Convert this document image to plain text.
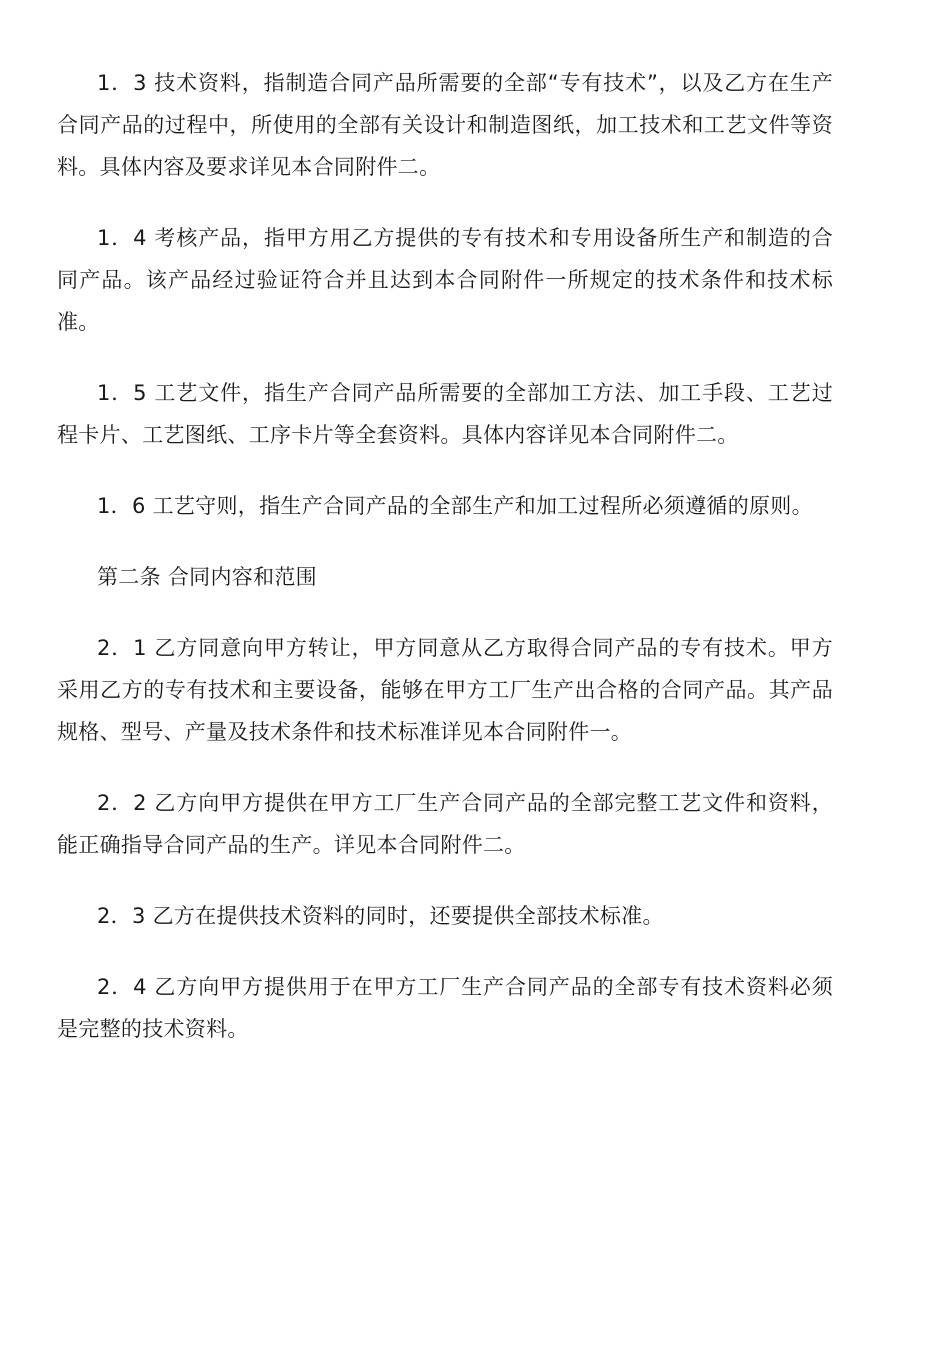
1．3 技术资料，指制造合同产品所需要的全部“专有技术”，以及乙方在生产合同产品的过程中，所使用的全部有关设计和制造图纸，加工技术和工艺文件等资料。具体内容及要求详见本合同附件二。

1．4 考核产品，指甲方用乙方提供的专有技术和专用设备所生产和制造的合同产品。该产品经过验证符合并且达到本合同附件一所规定的技术条件和技术标准。

1．5 工艺文件，指生产合同产品所需要的全部加工方法、加工手段、工艺过程卡片、工艺图纸、工序卡片等全套资料。具体内容详见本合同附件二。

1．6 工艺守则，指生产合同产品的全部生产和加工过程所必须遵循的原则。

第二条 合同内容和范围

2．1 乙方同意向甲方转让，甲方同意从乙方取得合同产品的专有技术。甲方采用乙方的专有技术和主要设备，能够在甲方工厂生产出合格的合同产品。其产品规格、型号、产量及技术条件和技术标准详见本合同附件一。

2．2 乙方向甲方提供在甲方工厂生产合同产品的全部完整工艺文件和资料，能正确指导合同产品的生产。详见本合同附件二。

2．3 乙方在提供技术资料的同时，还要提供全部技术标准。

2．4 乙方向甲方提供用于在甲方工厂生产合同产品的全部专有技术资料必须是完整的技术资料。
